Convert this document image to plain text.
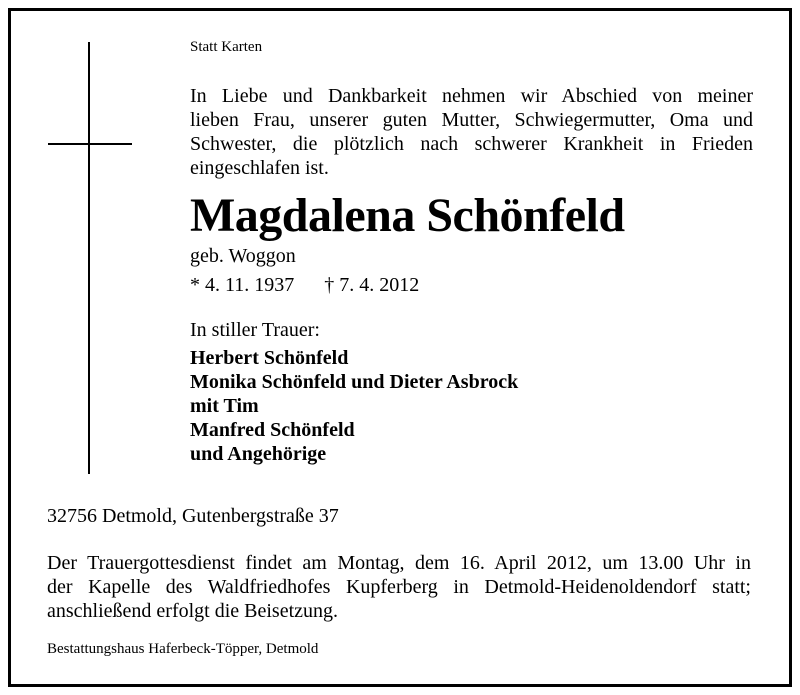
Statt Karten
In Liebe und Dankbarkeit nehmen wir Abschied von meiner
lieben Frau, unserer guten Mutter, Schwiegermutter, Oma und
Schwester, die plötzlich nach schwerer Krankheit in Frieden
eingeschlafen ist.
Magdalena Schönfeld
geb. Woggon
* 4. 11. 1937 † 7. 4. 2012
In stiller Trauer:
Herbert Schönfeld
Monika Schönfeld und Dieter Asbrock
mit Tim
Manfred Schönfeld
und Angehörige
32756 Detmold, Gutenbergstraße 37
Der Trauergottesdienst findet am Montag, dem 16. April 2012, um 13.00 Uhr in
der Kapelle des Waldfriedhofes Kupferberg in Detmold-Heidenoldendorf statt;
anschließend erfolgt die Beisetzung.
Bestattungshaus Haferbeck-Töpper, Detmold
